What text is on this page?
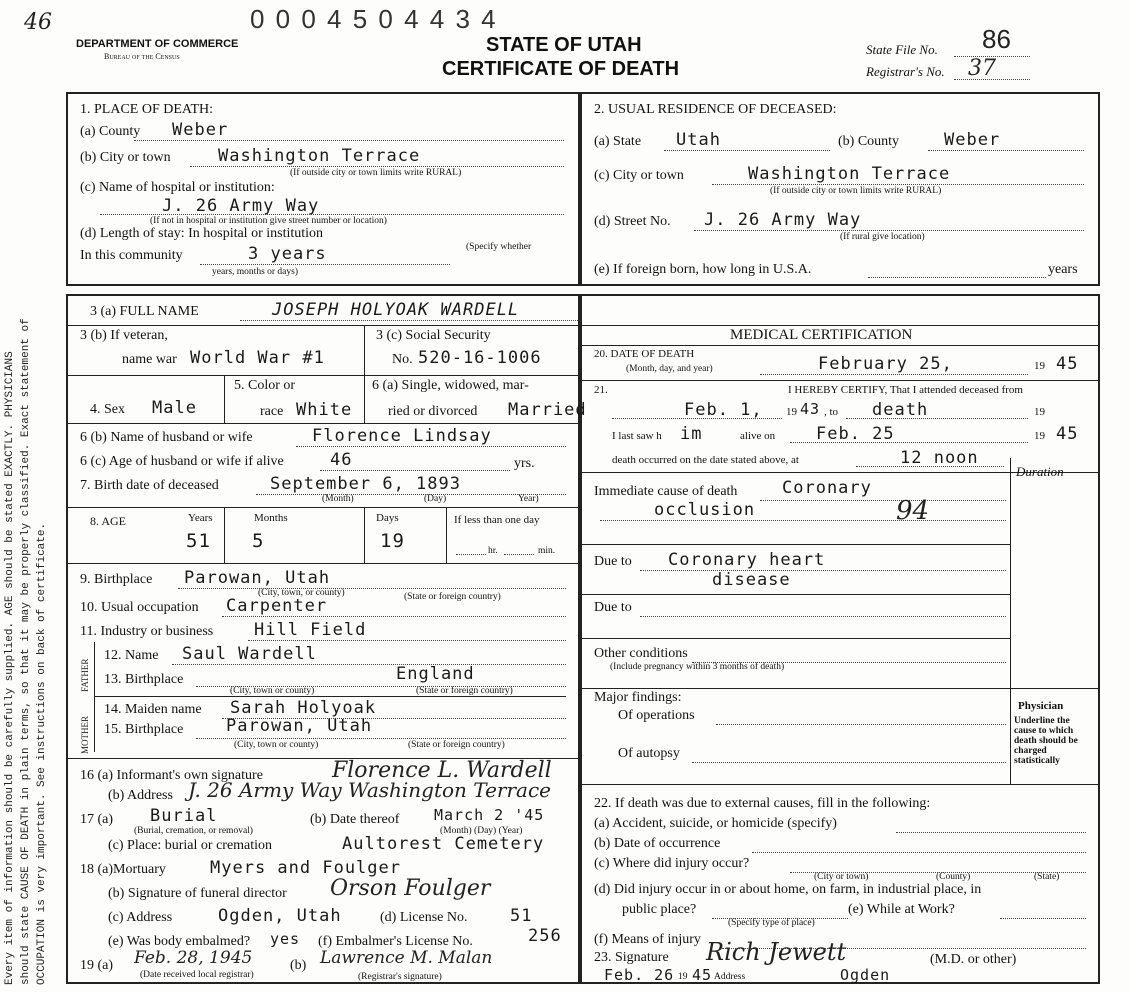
Every item of information should be carefully supplied. AGE should be stated EXACTLY. PHYSICIANS should state CAUSE OF DEATH in plain terms, so that it may be properly classified. Exact statement of OCCUPATION is very important. See instructions on back of certificate.
46
DEPARTMENT OF COMMERCE
Bureau of the Census
0 0 0 4 5 0 4 4 3 4
STATE OF UTAH
CERTIFICATE OF DEATH
State File No. 86
Registrar's No. 37
1. PLACE OF DEATH:
(a) County Weber
(b) City or town	Washington Terrace
(If outside city or town limits write RURAL)
(c) Name of hospital or institution:
J. 26 Army Way
(If not in hospital or institution give street number or location)
(d) Length of stay: In hospital or institution
(Specify whether
In this community	3 years
years, months or days)
2. USUAL RESIDENCE OF DECEASED:
(a) State Utah	(b) County	Weber
(c) City or town	Washington Terrace
(If outside city or town limits write RURAL)
(d) Street No. J. 26 Army Way
(If rural give location)
(e) If foreign born, how long in U.S.A.	years
3 (a) FULL NAME	JOSEPH HOLYOAK WARDELL
MEDICAL CERTIFICATION
3 (b) If veteran,
name war World War #1
3 (c) Social Security
No. 520-16-1006
4. Sex Male
5. Color or
race White
6 (a) Single, widowed, mar-
ried or divorced Married
6 (b) Name of husband or wife	Florence Lindsay
6 (c) Age of husband or wife if alive	46	yrs.
7. Birth date of deceased	September 6, 1893
(Month)	(Day)	Year)
8. AGE	Years
51
Months
5
Days
19
If less than one day
hr.	min.
9. Birthplace Parowan, Utah
(City, town, or county)	(State or foreign country)
10. Usual occupation Carpenter
11. Industry or business Hill Field
FATHER
MOTHER
12. Name Saul Wardell
13. Birthplace	England
(City, town or county)	(State or foreign country)
14. Maiden name Sarah Holyoak
15. Birthplace	Parowan, Utah
(City, town or county)	(State or foreign country)
16 (a) Informant's own signature	Florence L. Wardell
(b) Address J. 26 Army Way Washington Terrace
17 (a) Burial
(Burial, cremation, or removal)
(b) Date thereof March 2 '45
(Month) (Day) (Year)
(c) Place: burial or cremation	Aultorest Cemetery
18 (a)Mortuary	Myers and Foulger
(b) Signature of funeral director Orson Foulger
(c) Address	Ogden, Utah	(d) License No.	51
(e) Was body embalmed? yes (f) Embalmer's License No.	256
19 (a) Feb. 28, 1945
(Date received local registrar)
(b) Lawrence M. Malan
(Registrar's signature)
20. DATE OF DEATH
(Month, day, and year)	February 25,	19 45
21.	I HEREBY CERTIFY, That I attended deceased from
Feb. 1, 19 43 , to death	19
I last saw h im	alive on Feb. 25	19 45
death occurred on the date stated above, at	12 noon
Duration
Immediate cause of death	Coronary
occlusion	94
Due to Coronary heart
disease
Due to
Other conditions
(Include pregnancy within 3 months of death)
Major findings:
Of operations
Of autopsy
Physician
Underline the cause to which death should be charged statistically
22. If death was due to external causes, fill in the following:
(a) Accident, suicide, or homicide (specify)
(b) Date of occurrence
(c) Where did injury occur?
(City or town)	(County)	(State)
(d) Did injury occur in or about home, on farm, in industrial place, in
public place?
(Specify type of place)
(e) While at Work?
(f) Means of injury
23. Signature Rich Jewett	(M.D. or other)
Feb. 26 19 45 Address	Ogden
